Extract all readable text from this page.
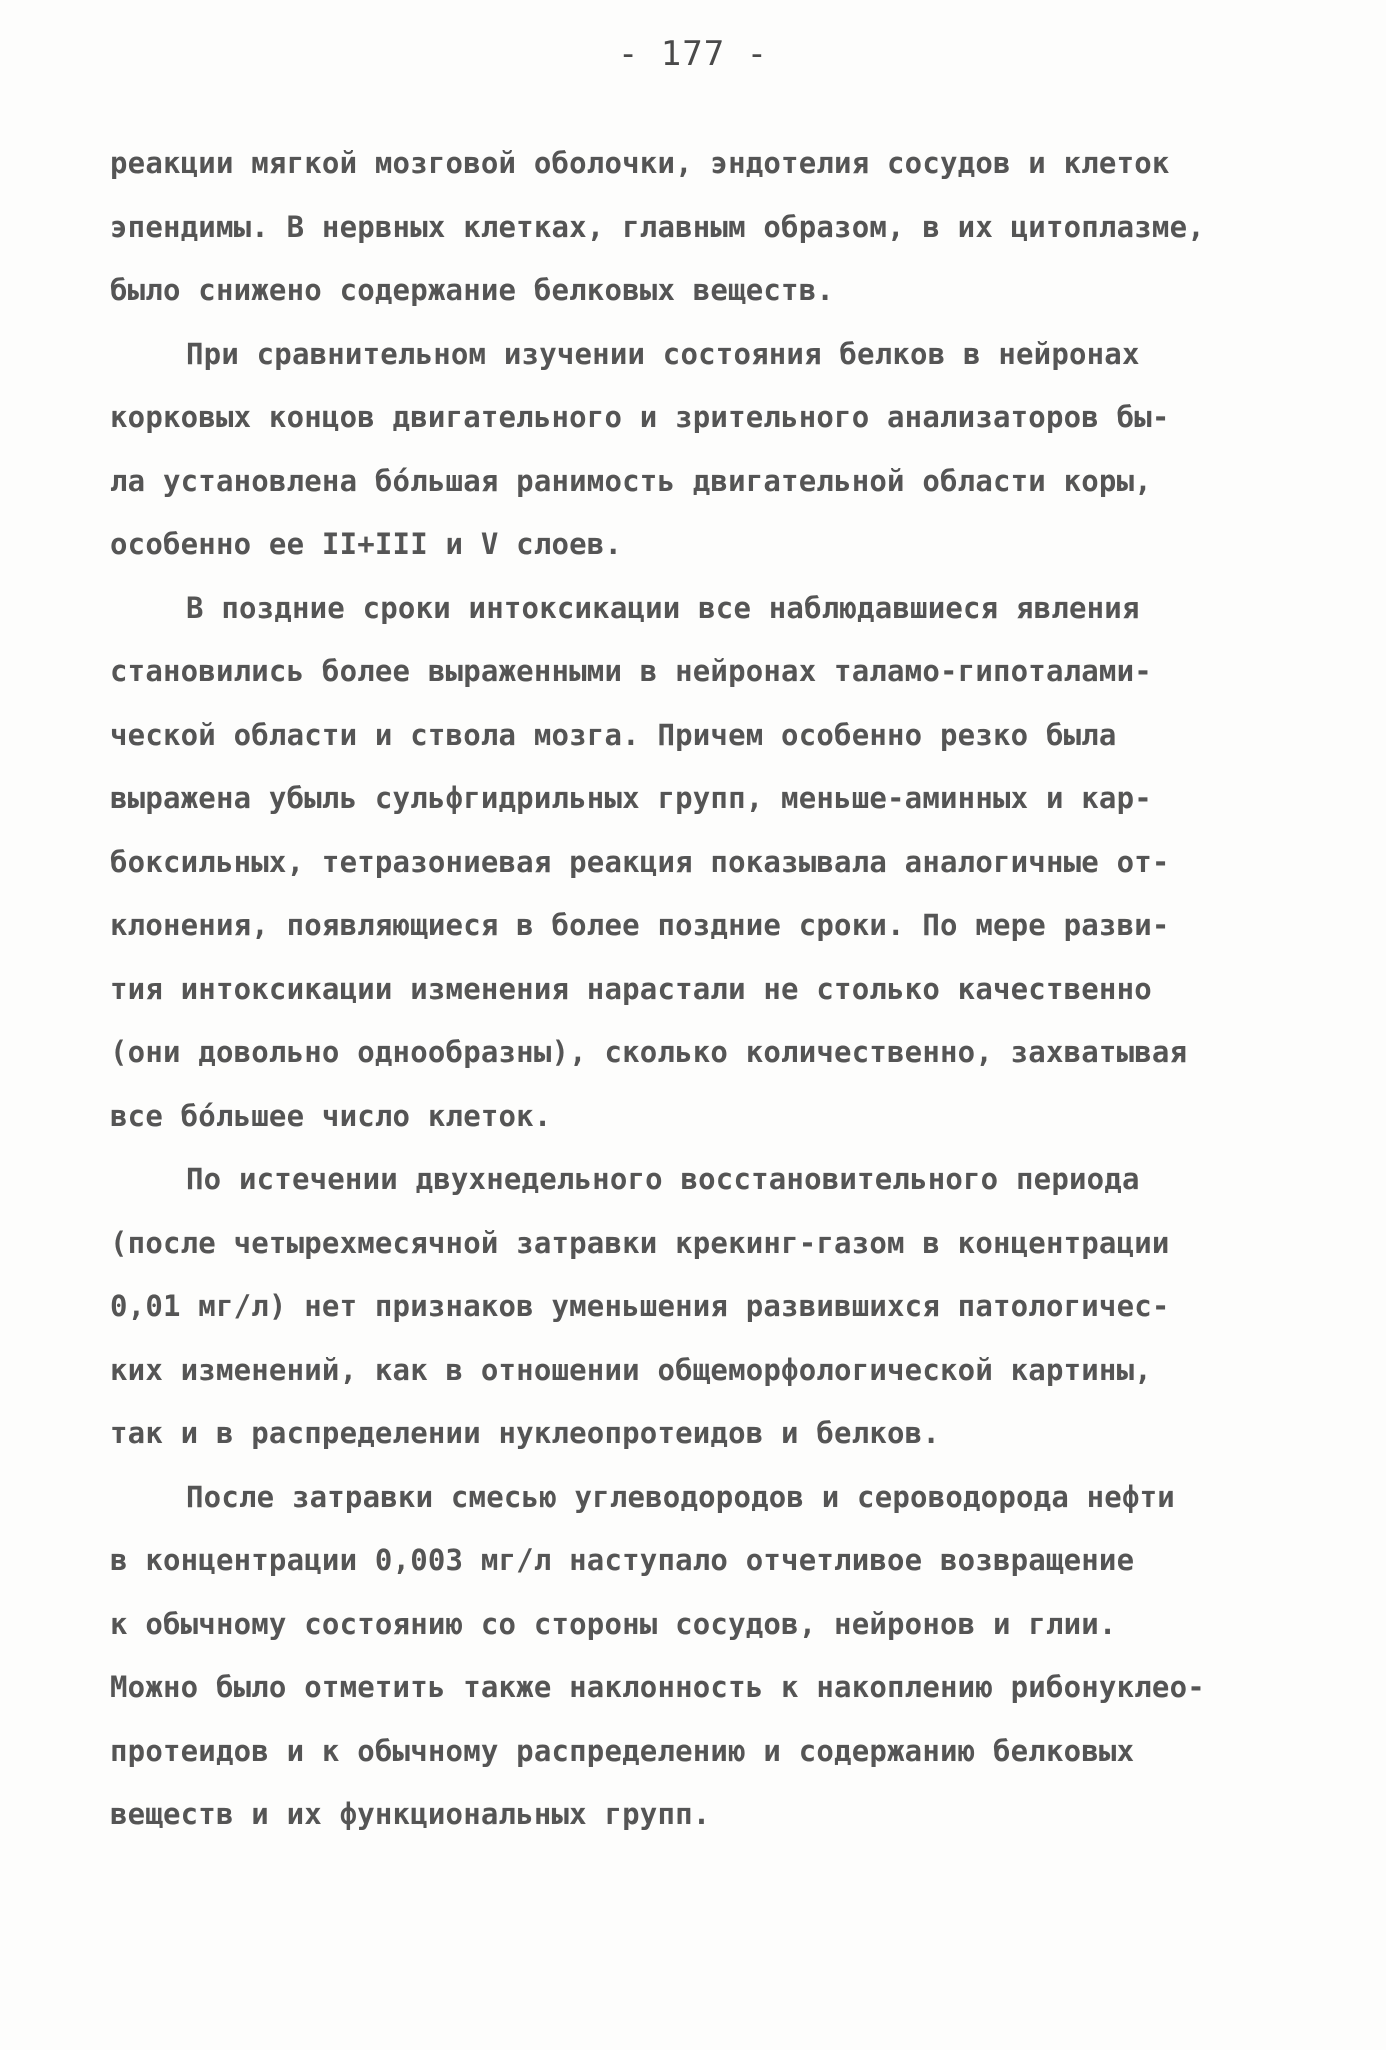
- 177 -
реакции мягкой мозговой оболочки, эндотелия сосудов и клеток
эпендимы. В нервных клетках, главным образом, в их цитоплазме,
было снижено содержание белковых веществ.
При сравнительном изучении состояния белков в нейронах
корковых концов двигательного и зрительного анализаторов бы-
ла установлена бо́льшая ранимость двигательной области коры,
особенно ее II+III и V слоев.
В поздние сроки интоксикации все наблюдавшиеся явления
становились более выраженными в нейронах таламо-гипоталами-
ческой области и ствола мозга. Причем особенно резко была
выражена убыль сульфгидрильных групп, меньше-аминных и кар-
боксильных, тетразониевая реакция показывала аналогичные от-
клонения, появляющиеся в более поздние сроки. По мере разви-
тия интоксикации изменения нарастали не столько качественно
(они довольно однообразны), сколько количественно, захватывая
все бо́льшее число клеток.
По истечении двухнедельного восстановительного периода
(после четырехмесячной затравки крекинг-газом в концентрации
0,01 мг/л) нет признаков уменьшения развившихся патологичес-
ких изменений, как в отношении общеморфологической картины,
так и в распределении нуклеопротеидов и белков.
После затравки смесью углеводородов и сероводорода нефти
в концентрации 0,003 мг/л наступало отчетливое возвращение
к обычному состоянию со стороны сосудов, нейронов и глии.
Можно было отметить также наклонность к накоплению рибонуклео-
протеидов и к обычному распределению и содержанию белковых
веществ и их функциональных групп.
